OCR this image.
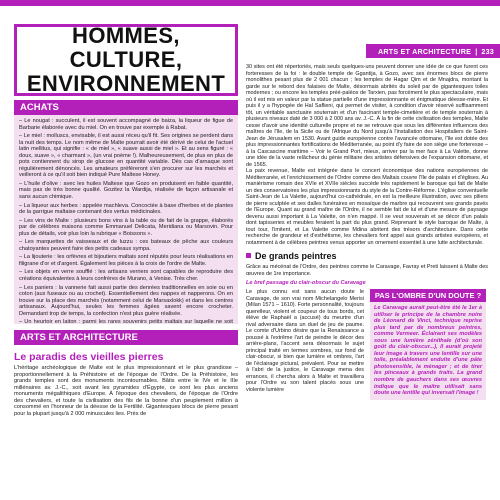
ARTS ET ARCHITECTURE | 233
HOMMES, CULTURE,
ENVIRONNEMENT
ACHATS

– Le nougat : succulent, il est souvent accompagné de baiza, la liqueur de figue de Barbarie élaborée avec du miel. On en trouve par exemple à Rabat.

– Le miel : molluscs, envisable, il est aussi réceu qu'il fit. Ses origines se perdent dans la nuit des temps. Le nom même de Malte pourrait avoir été dérivé de celui de l'actuel latin mellitus, qui signifie : « de miel », « suave aussi de miel ». Et au sens figuré : « doux, suave », « charmant », (un vrai poème !). Malheureusement, de plus en plus de pots contiennent du sirop de glucose en quantité variable. Dès cas d'arnaque sont régulièrement dénoncés. Les amateurs préféreront s'en procurer sur les marchés et veilleront à ce qu'il soit bien indiqué Pure Maltese Honey.

– L'huile d'olive : avec les huiles Maltese que Gozo en produisent en faible quantité, mais pas de très bonne qualité. Gozitez la Wardija, réalisée de façon artisanale et sans aucun chimique.

– La liqueur aux herbes : appelée machleva. Concoctée à base d'herbes et de plantes de la garrigue maltaise contenant des vertus médicinales.

– Les vins de Malte : plusieurs bons vins à la table ou de fait de la grappe, élaborés par de célèbres maisons comme Emmanuel Delicata, Meridiana ou Marsovin. Pour plus de détails, voir plus loin la rubrique « Boissons ».

– Les marquettes de vaisseaux et de luzzu : ces bateaux de pêche aux couleurs chatoyantes peuvent faire des petits cadeaux sympa.

– La lijouterie : les orfèvres et bijoutiers maltais sont réputés pour leurs réalisations en filigrane d'or et d'argent. Également les pièces à la croix de l'ordre de Malte.

– Les objets en verre soufflé : les artisans verriers sont capables de reproduire des créations équivalentes à leurs confrères de Murano, à Venise. Très cher.

– Les paniers : la vannerie fait aussi partie des denrées traditionnelles en soie ou en coton (aux fuseaux ou au crochet). Essentiellement des nappes et napperons. On en trouve sur la place des marchés (notamment celui de Marsaxlokk) et dans les centres artisanaux. Aujourd'hui, seules les femmes âgées savent encore crocheter. Demandant trop de temps, la confection n'est plus guère réalisée.

– Un heurtoir en laiton : parmi les rares souvenirs petits maltais sur laquelle ne soit

ARTS ET ARCHITECTURE
Le paradis des vieilles pierres

L'héritage archéologique de Malte est le plus impressionnant et le plus grandiose – proportionnellement à la Préhistoire et de l'époque de l'Ordre. De la Préhistoire, les grands temples sont des monuments incontournables. Bâtis entre le IVe et le IIIe millénaires av. J.-C., soit avant les pyramides d'Égypte, ce sont les plus anciens monuments mégalithiques d'Europe. À l'époque des chevaliers, de l'époque de l'Ordre des chevaliers, et toute la civilisation des fils de la bonne d'un peuplement million à consommé en l'honneur de la déesse de la Fertilité. Gigantesques blocs de pierre pesant pour la plupart jusqu'à 2 000 minuscules lies. Près de

30 sites ont été répertoriés, mais seuls quelques-uns peuvent donner une idée de ce que furent ces forteresses de la foi : le double temple de Ggantija, à Gozo, avec ses énormes blocs de pierre monolithes pesant plus de 2 001 chacun ; les temples de Hagar Qim et de Mnajdra, montant la garde sur le rebord des falaises de Malte, désormais abrités du soleil par de gigantesques toiles modernes ; ou encore les temples préé-paléos de Tarxien, pas forcément le plus spectaculaire, mais où il est mis en valeur par la statue partielle d'une impressionnante et énigmatique déesse-mère. Et puis il y a l'hypogée de Hal Saflieni, qui permet de visiter, à condition d'avoir réservé suffisamment tôt, un véritable sanctuaire souterrain et d'un fascinant temple-cimetière et de temple souterrain à plusieurs niveaux daté de 3 000 à 2 000 ans av. J.-C. À la fin de cette civilisation des temples, Malte cesse d'avoir une identité culturelle propre et ne se retrouve que sous les différentes influences des maîtres de l'île, de la Sicile ou de l'Afrique du Nord jusqu'à l'installation des Hospitaliers de Saint-Jean de Jérusalem en 1530. Avant guide européenne contre l'avancée ottomane, l'île est dotée des plus impressionnantes fortifications de Méditerranée, au point d'y faire de son siège une forteresse – à la Cascascine maritime – Voir le Grand Port, mieux, arriver par la mer face à La Valette, donne une idée de la vaste relâcheur du génie militaire des artistes défensives de l'expansion ottomane, et de 1565.

La paix revenue, Malte est intégrée dans le concert économique des nations européennes de Méditerranée, et l'enrichissement de l'Ordre comme des Maltais couvre l'île de palais et d'églises. Au maniérisme romain des XVIe et XVIIe siècles succède très rapidement le baroque qui fait de Malte un des conservatoires les plus impressionnants du style de la Contre-Réforme. L'église conventuelle Saint-Jean de La Valette, aujourd'hui co-cathédrale, en est la meilleure illustration, avec ses piliers de pierre sculptée et ses dalles funéraires en mosaïque de marbre qui recouvrent ses grands pavés de l'Europe. Quant au grand maître de l'Ordre, il ne semble fait de lui et d'une mesure de paysage devenu aussi important à La Valette, on n'en mappé. Il se veut souverain et se décor d'un palais dont tapisseries et meubles feraient la part du plus grand. Reprenant le style baroque de Malte, à tout tour, l'imitent, et La Valette comme Mdina abritent des trésors d'architecture. Dans cette recherche de grandeur et d'esthétisme, les chevaliers font appel aux grands artistes européens, et notamment à de célèbres peintres venus apporter un ornement essentiel à une lutte architecturale.

De grands peintres

Grâce au mécénat de l'Ordre, des peintres comme le Caravage, Favray et Preti laissent à Malte des œuvres de 1re importance.

Le bref passage du clair-obscur du Caravage

Le plus connu est sans aucun doute le Caravage, de son vrai nom Michelangelo Merisi (Milan 1571 – 1610). Forte personnalité, toujours querelleur, violent et coupeur de tous bords, cet élève de Raphaël a (accusé) du meurtre d'un rival adversaire dans un duel de jeu de paume. Le comte d'Urbino désire que la Renaissance a poussé à l'extrême l'art de peindre le décor des arrière-plans, l'accent sera désormais le sujet principal traité en termes sombres, sur fond de clair-obscur, si bien que lumière et ombres, l'art de l'éclairage pictural, prévalent. Pour se mettre à l'abri de la justice, le Caravage mena des errances, il chercha alors à Malte et travaillera pour l'Ordre vu son talent placés sous une violente lumière

PAS L'OMBRE D'UN DOUTE ?
Le Caravage aurait peut-être été le 1er à utiliser le principe de la chambre noire de Léonard de Vinci, technique reprise plus tard par de nombreux peintres, comme Vermeer. Éclairant ses modèles sous une lumière zénithale (d'où son goût du clair-obscur...), il aurait projeté leur image à travers une lentille sur une toile, préalablement enduite d'une pâte photosensible, la ménager ; et de tirer les pinceaux à grands traits. La grand nombre de gauchers dans ses œuvres indique que le maître utilisait sans doute une lentille qui inversait l'image !
